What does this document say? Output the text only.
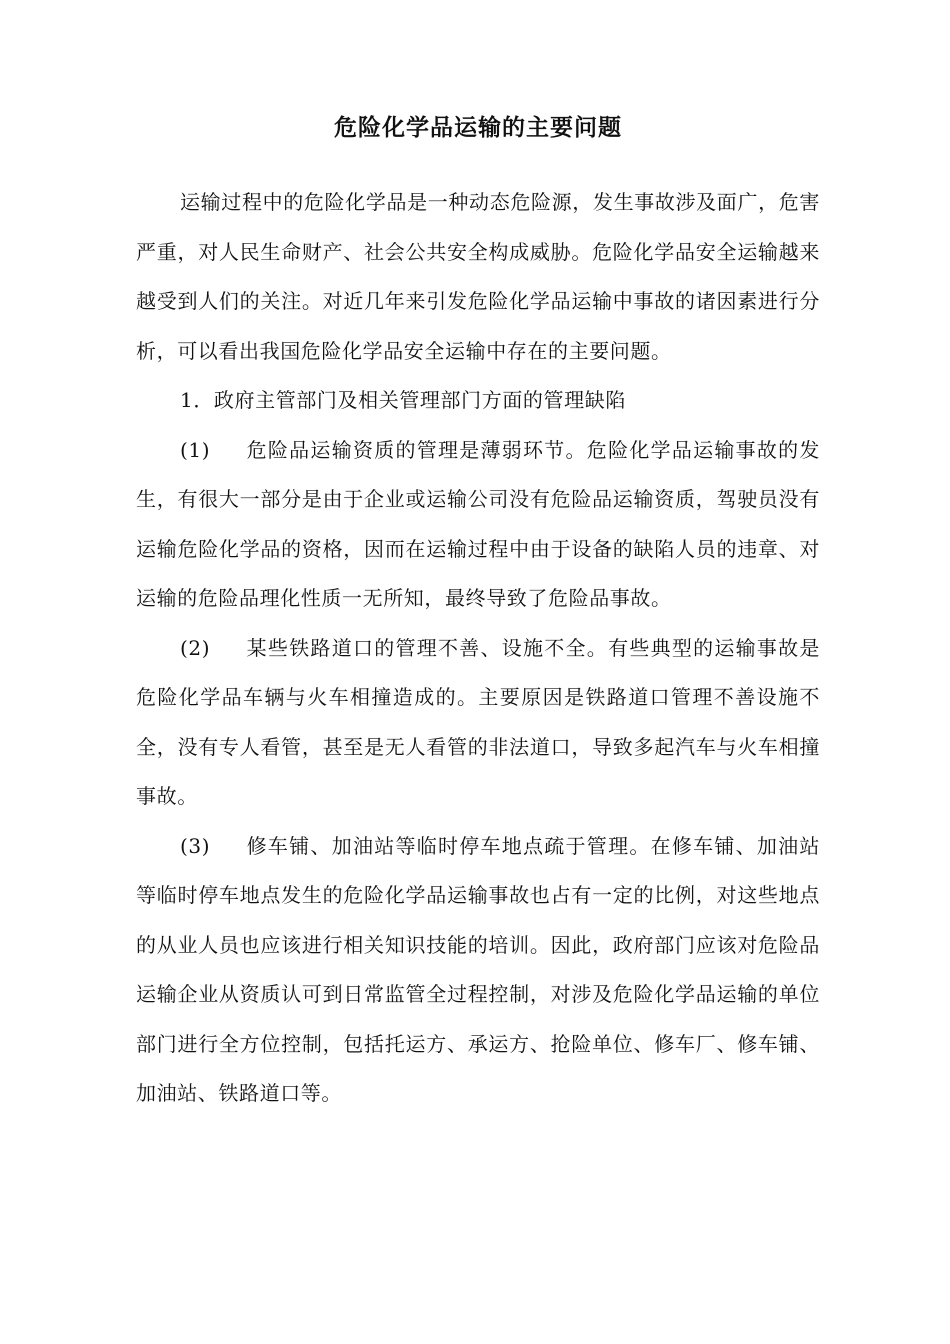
危险化学品运输的主要问题

运输过程中的危险化学品是一种动态危险源，发生事故涉及面广，危害严重，对人民生命财产、社会公共安全构成威胁。危险化学品安全运输越来越受到人们的关注。对近几年来引发危险化学品运输中事故的诸因素进行分析，可以看出我国危险化学品安全运输中存在的主要问题。

1．政府主管部门及相关管理部门方面的管理缺陷

(1) 危险品运输资质的管理是薄弱环节。危险化学品运输事故的发生，有很大一部分是由于企业或运输公司没有危险品运输资质，驾驶员没有运输危险化学品的资格，因而在运输过程中由于设备的缺陷人员的违章、对运输的危险品理化性质一无所知，最终导致了危险品事故。

(2) 某些铁路道口的管理不善、设施不全。有些典型的运输事故是危险化学品车辆与火车相撞造成的。主要原因是铁路道口管理不善设施不全，没有专人看管，甚至是无人看管的非法道口，导致多起汽车与火车相撞事故。

(3) 修车铺、加油站等临时停车地点疏于管理。在修车铺、加油站等临时停车地点发生的危险化学品运输事故也占有一定的比例，对这些地点的从业人员也应该进行相关知识技能的培训。因此，政府部门应该对危险品运输企业从资质认可到日常监管全过程控制，对涉及危险化学品运输的单位部门进行全方位控制，包括托运方、承运方、抢险单位、修车厂、修车铺、加油站、铁路道口等。
